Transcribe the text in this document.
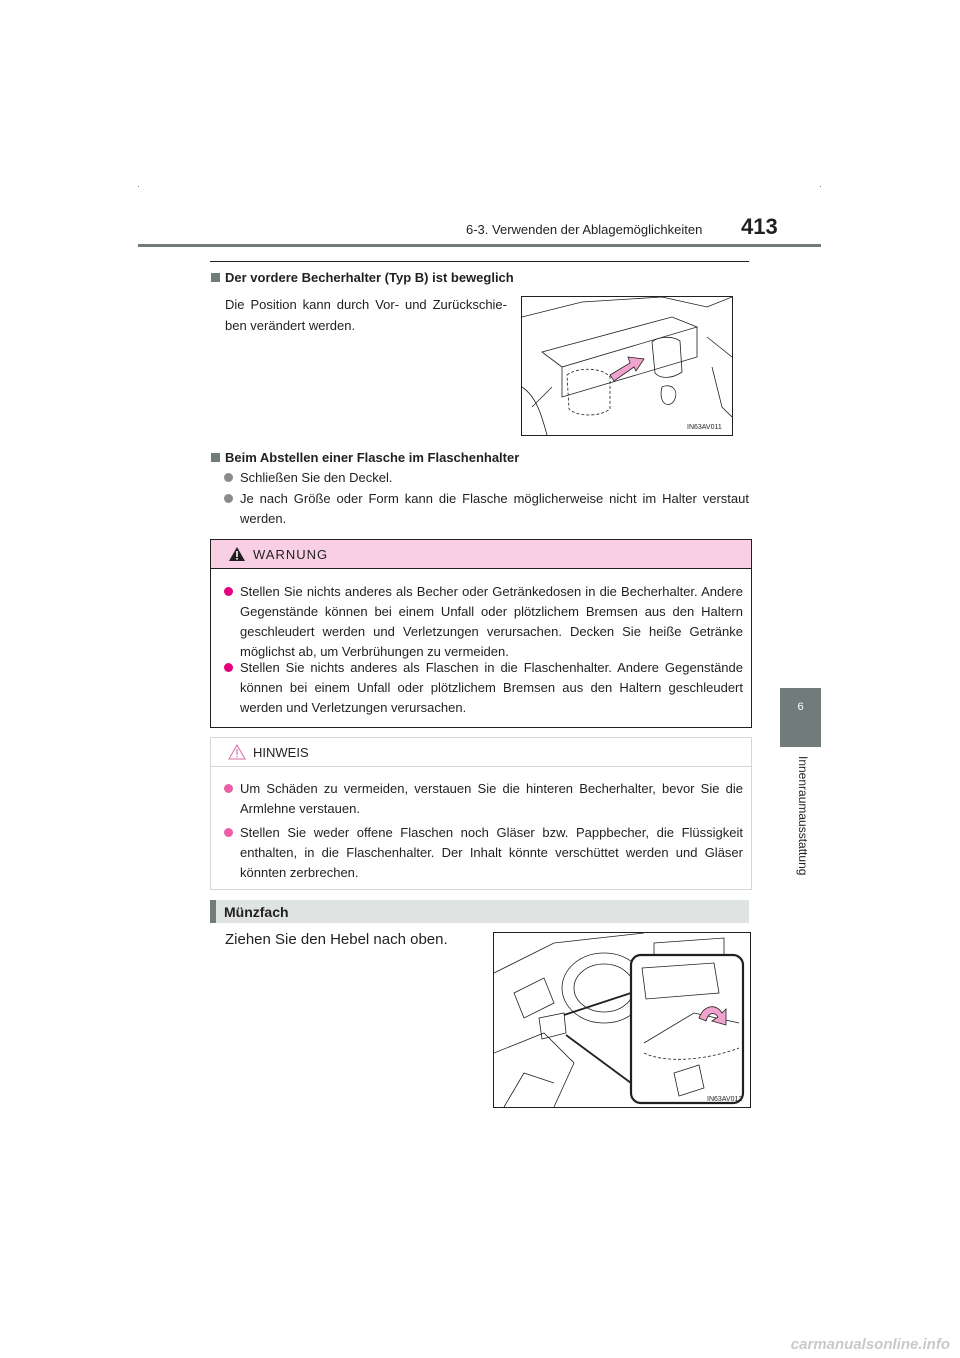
6-3. Verwenden der Ablagemöglichkeiten 413
6
Innenraumausstattung
Der vordere Becherhalter (Typ B) ist beweglich
Die Position kann durch Vor- und Zurückschie-ben verändert werden.
IN63AV011
Beim Abstellen einer Flasche im Flaschenhalter
Schließen Sie den Deckel.
Je nach Größe oder Form kann die Flasche möglicherweise nicht im Halter verstaut werden.
WARNUNG
Stellen Sie nichts anderes als Becher oder Getränkedosen in die Becherhalter. Andere Gegenstände können bei einem Unfall oder plötzlichem Bremsen aus den Haltern geschleudert werden und Verletzungen verursachen. Decken Sie heiße Getränke möglichst ab, um Verbrühungen zu vermeiden.
Stellen Sie nichts anderes als Flaschen in die Flaschenhalter. Andere Gegenstände können bei einem Unfall oder plötzlichem Bremsen aus den Haltern geschleudert werden und Verletzungen verursachen.
HINWEIS
Um Schäden zu vermeiden, verstauen Sie die hinteren Becherhalter, bevor Sie die Armlehne verstauen.
Stellen Sie weder offene Flaschen noch Gläser bzw. Pappbecher, die Flüssigkeit enthalten, in die Flaschenhalter. Der Inhalt könnte verschüttet werden und Gläser könnten zerbrechen.
Münzfach
Ziehen Sie den Hebel nach oben.
IN63AV012
carmanualsonline.info
